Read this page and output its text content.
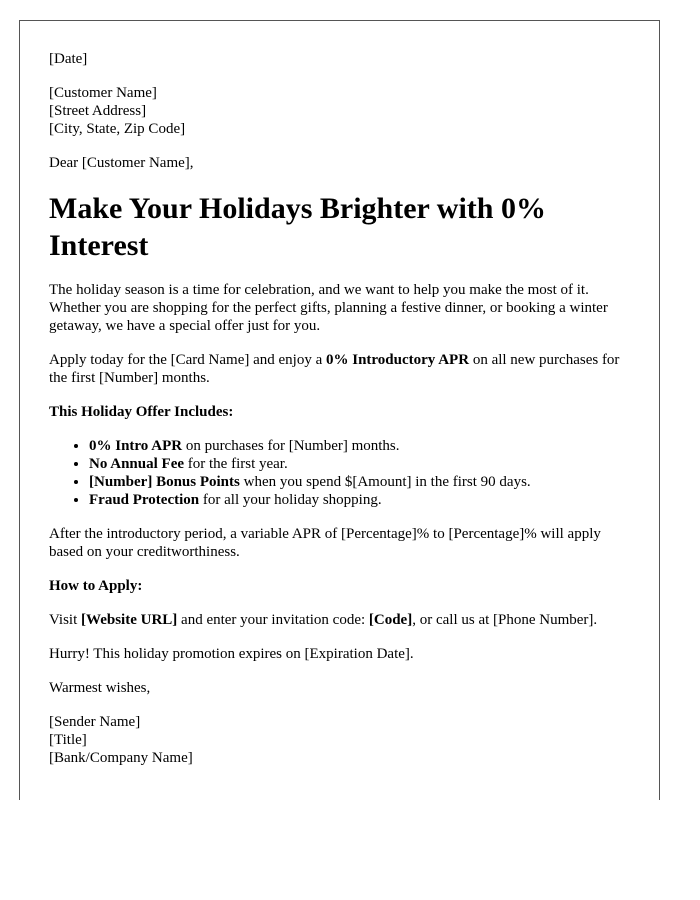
[Date]

[Customer Name]
[Street Address]
[City, State, Zip Code]

Dear [Customer Name],

Make Your Holidays Brighter with 0% Interest

The holiday season is a time for celebration, and we want to help you make the most of it. Whether you are shopping for the perfect gifts, planning a festive dinner, or booking a winter getaway, we have a special offer just for you.

Apply today for the [Card Name] and enjoy a 0% Introductory APR on all new purchases for the first [Number] months.

This Holiday Offer Includes:

• 0% Intro APR on purchases for [Number] months.
• No Annual Fee for the first year.
• [Number] Bonus Points when you spend $[Amount] in the first 90 days.
• Fraud Protection for all your holiday shopping.

After the introductory period, a variable APR of [Percentage]% to [Percentage]% will apply based on your creditworthiness.

How to Apply:

Visit [Website URL] and enter your invitation code: [Code], or call us at [Phone Number].

Hurry! This holiday promotion expires on [Expiration Date].

Warmest wishes,

[Sender Name]
[Title]
[Bank/Company Name]
